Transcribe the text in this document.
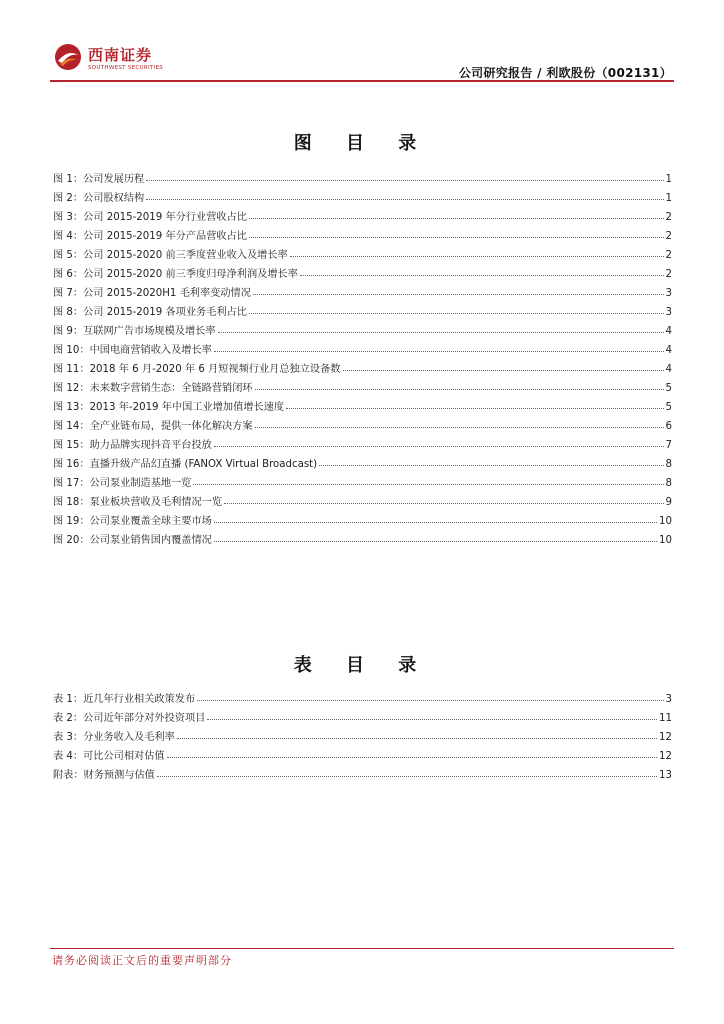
西南证券
SOUTHWEST SECURITIES	公司研究报告 / 利欧股份（002131）
图 目 录
图 1：公司发展历程	1
图 2：公司股权结构	1
图 3：公司 2015-2019 年分行业营收占比	2
图 4：公司 2015-2019 年分产品营收占比	2
图 5：公司 2015-2020 前三季度营业收入及增长率	2
图 6：公司 2015-2020 前三季度归母净利润及增长率	2
图 7：公司 2015-2020H1 毛利率变动情况	3
图 8：公司 2015-2019 各项业务毛利占比	3
图 9：互联网广告市场规模及增长率	4
图 10：中国电商营销收入及增长率	4
图 11：2018 年 6 月-2020 年 6 月短视频行业月总独立设备数	4
图 12：未来数字营销生态：全链路营销闭环	5
图 13：2013 年-2019 年中国工业增加值增长速度	5
图 14：全产业链布局，提供一体化解决方案	6
图 15：助力品牌实现抖音平台投放	7
图 16：直播升级产品幻直播 (FANOX Virtual Broadcast)	8
图 17：公司泵业制造基地一览	8
图 18：泵业板块营收及毛利情况一览	9
图 19：公司泵业覆盖全球主要市场	10
图 20：公司泵业销售国内覆盖情况	10
表 目 录
表 1：近几年行业相关政策发布	3
表 2：公司近年部分对外投资项目	11
表 3：分业务收入及毛利率	12
表 4：可比公司相对估值	12
附表：财务预测与估值	13
请务必阅读正文后的重要声明部分
